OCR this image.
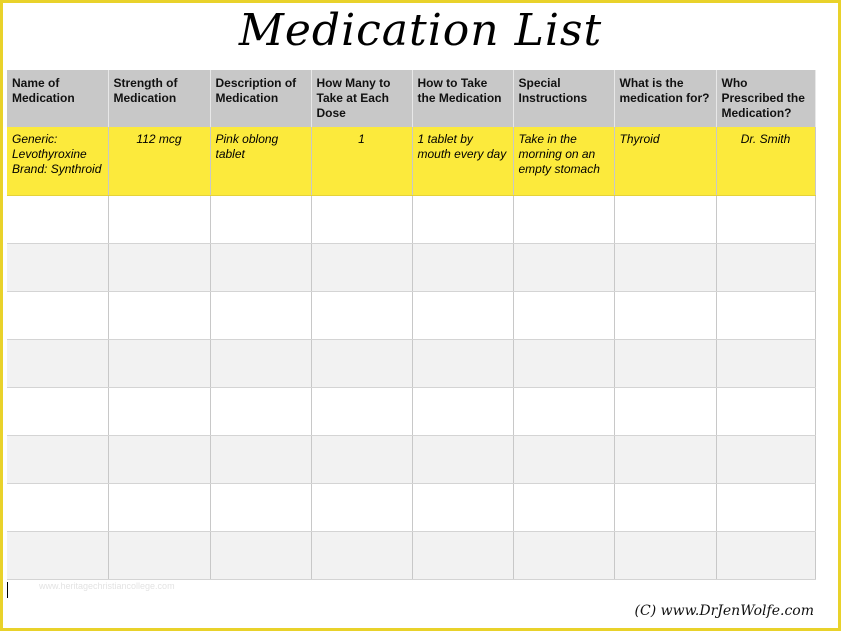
Medication List
Name of Medication	Strength of Medication	Description of Medication	How Many to Take at Each Dose	How to Take the Medication	Special Instructions	What is the medication for?	Who Prescribed the Medication?
Generic: Levothyroxine Brand: Synthroid	112 mcg	Pink oblong tablet	1	1 tablet by mouth every day	Take in the morning on an empty stomach	Thyroid	Dr. Smith

www.heritagechristiancollege.com
(C) www.DrJenWolfe.com
